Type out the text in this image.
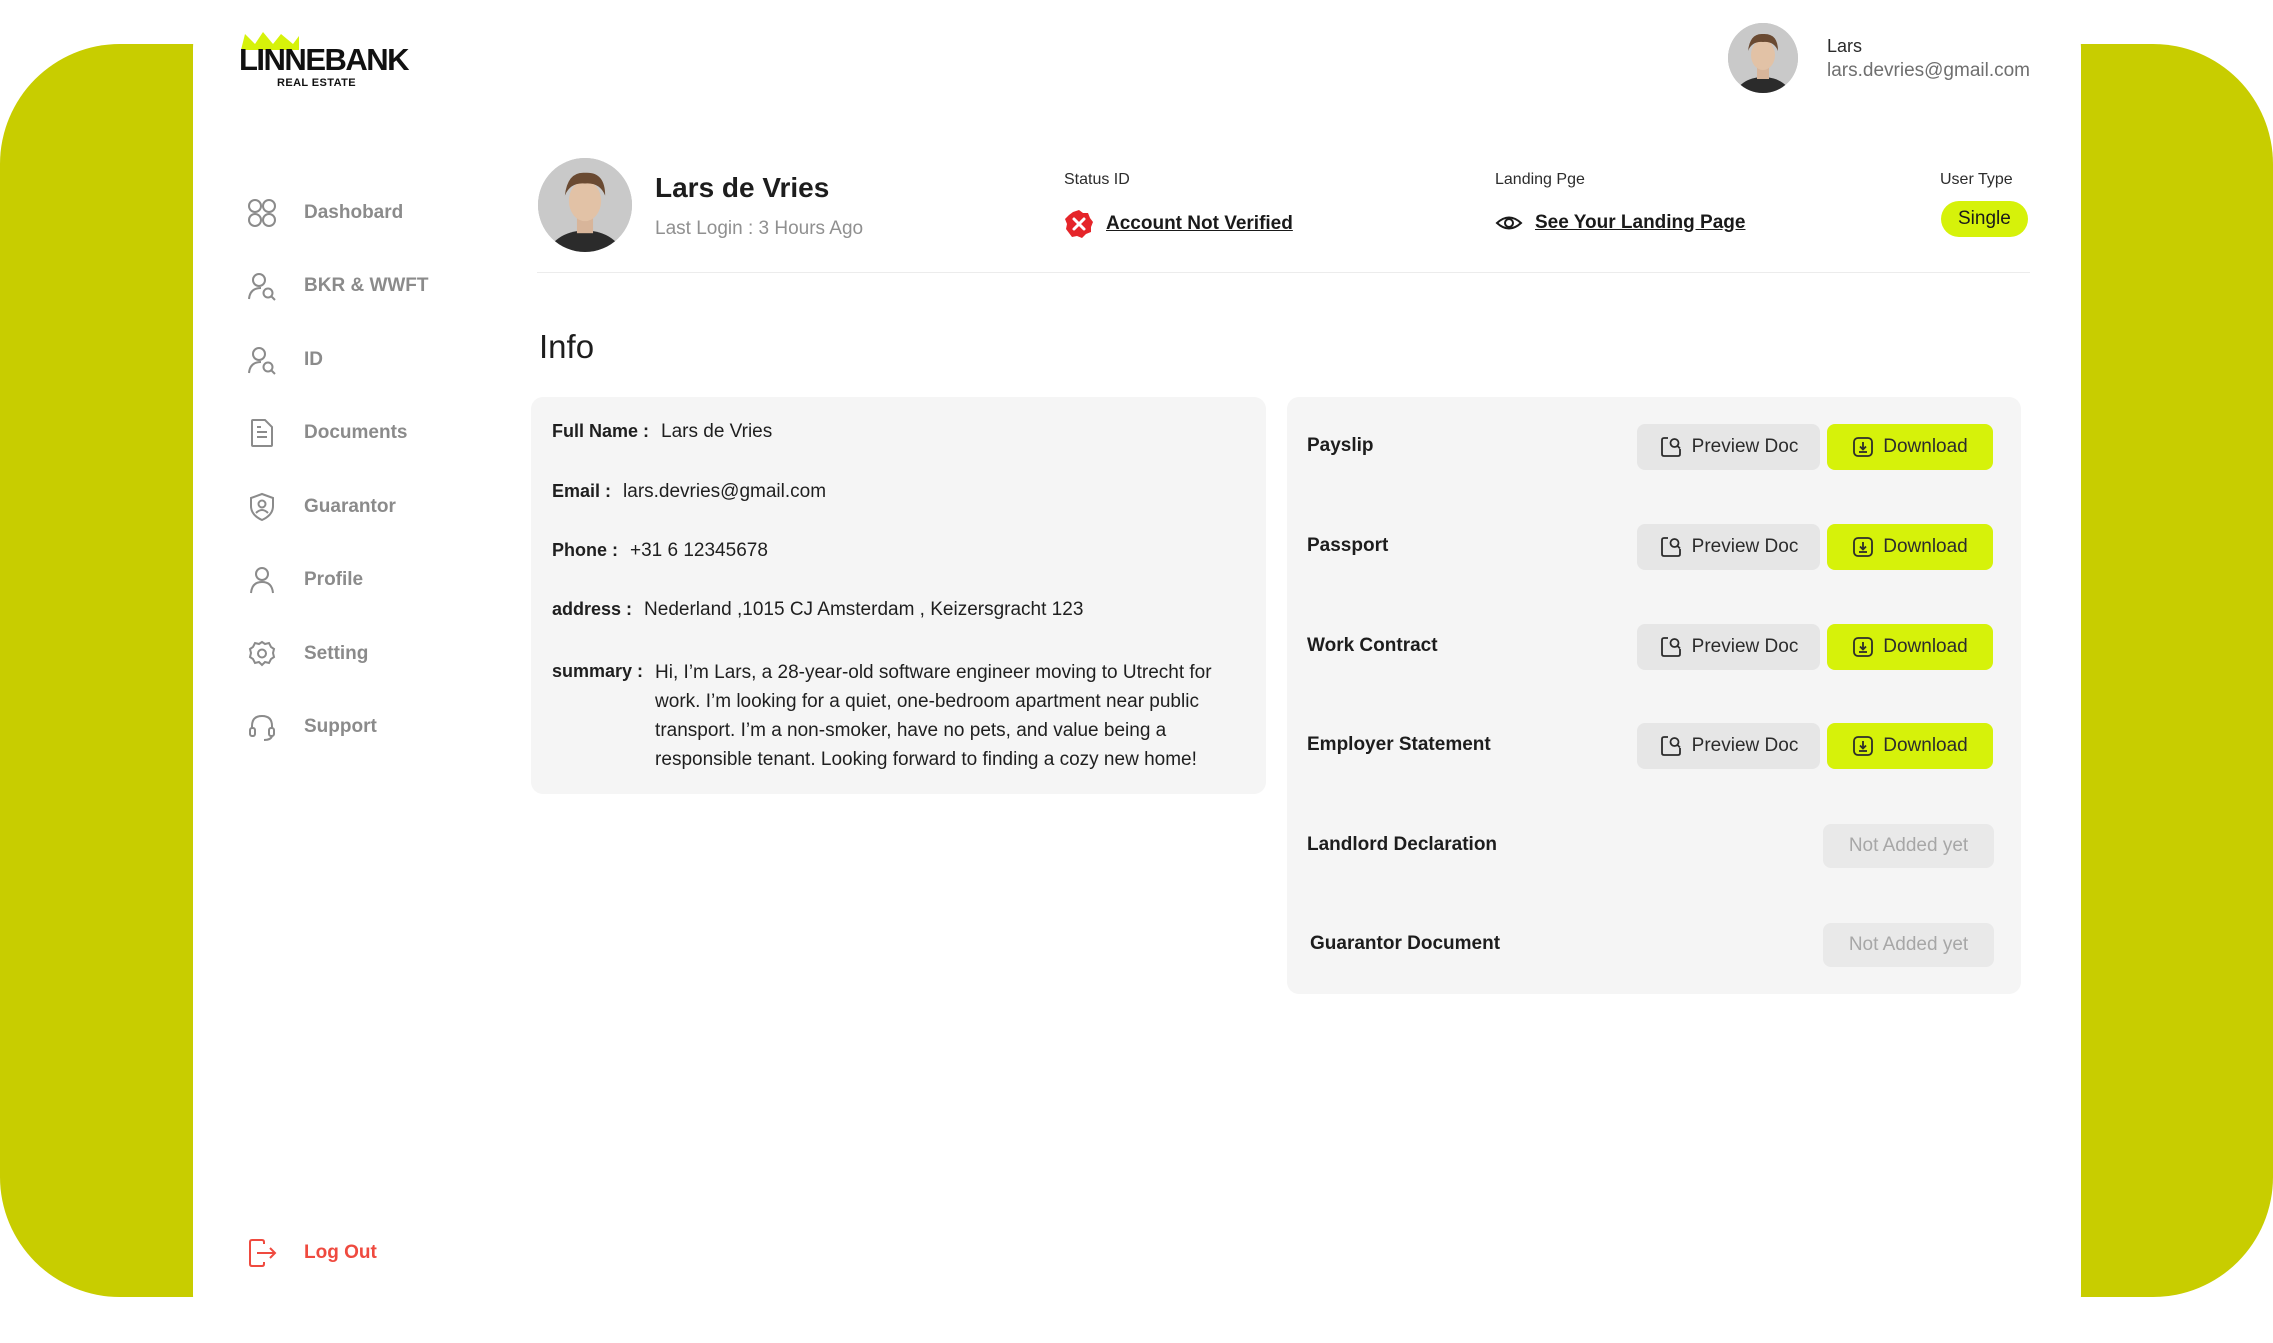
LINNEBANK
REAL ESTATE
Lars
lars.devries@gmail.com
Dashobard
BKR & WWFT
ID
Documents
Guarantor
Profile
Setting
Support
Log Out
Lars de Vries
Last Login : 3 Hours Ago
Status ID
Account Not Verified
Landing Pge
See Your Landing Page
User Type
Single
Info
Full Name : Lars de Vries
Email : lars.devries@gmail.com
Phone : +31 6 12345678
address : Nederland ,1015 CJ Amsterdam , Keizersgracht 123
summary : Hi, I’m Lars, a 28-year-old software engineer moving to Utrecht for work. I’m looking for a quiet, one-bedroom apartment near public transport. I’m a non-smoker, have no pets, and value being a responsible tenant. Looking forward to finding a cozy new home!
Payslip	Preview Doc	Download
Passport	Preview Doc	Download
Work Contract	Preview Doc	Download
Employer Statement	Preview Doc	Download
Landlord Declaration	Not Added yet
Guarantor Document	Not Added yet
